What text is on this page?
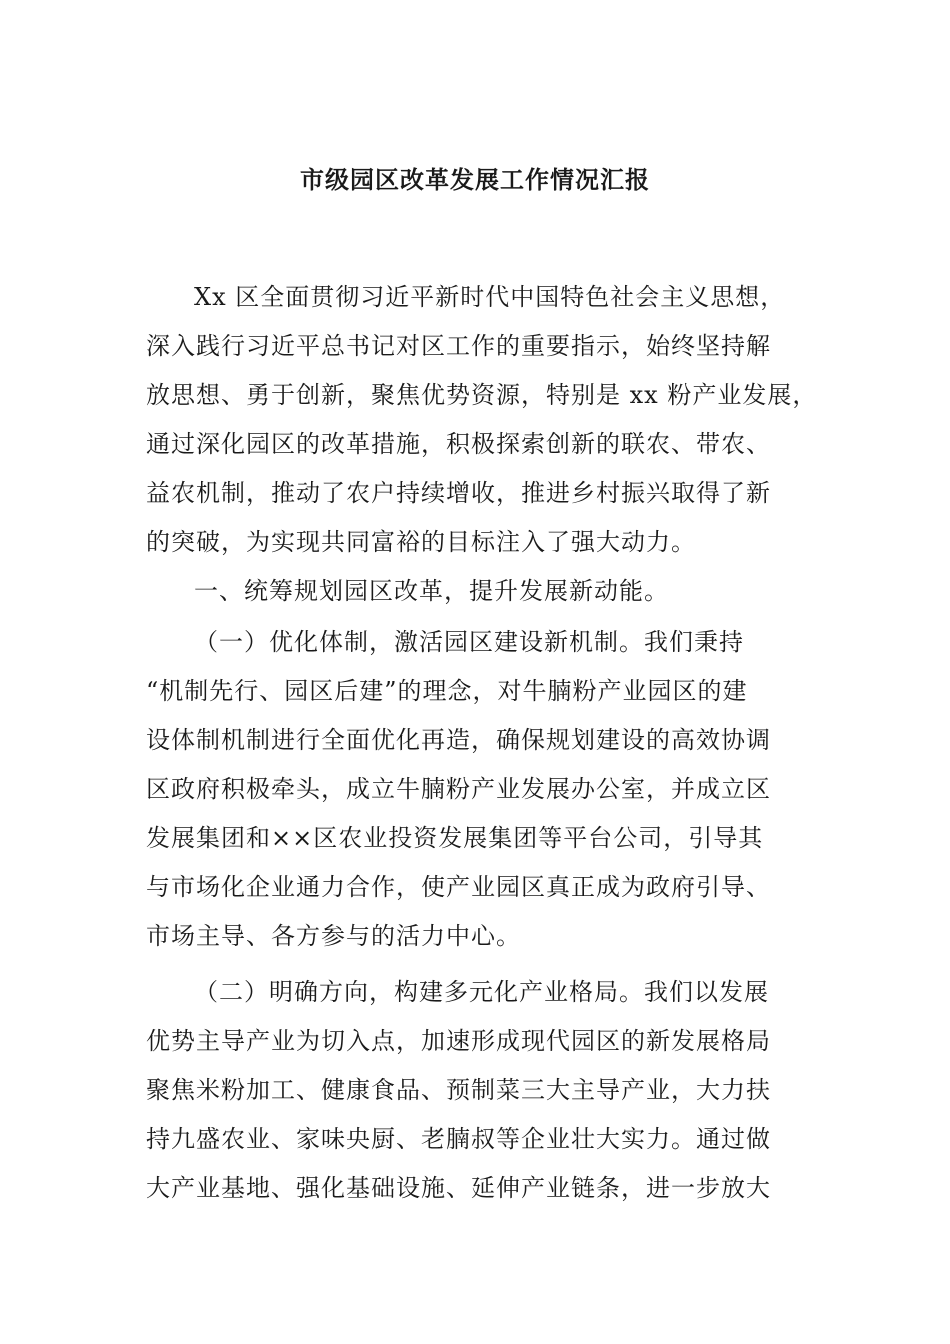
市级园区改革发展工作情况汇报
Xx 区全面贯彻习近平新时代中国特色社会主义思想，
深入践行习近平总书记对区工作的重要指示，始终坚持解
放思想、勇于创新，聚焦优势资源，特别是 xx 粉产业发展，
通过深化园区的改革措施，积极探索创新的联农、带农、
益农机制，推动了农户持续增收，推进乡村振兴取得了新
的突破，为实现共同富裕的目标注入了强大动力。
一、统筹规划园区改革，提升发展新动能。
（一）优化体制，激活园区建设新机制。我们秉持
“机制先行、园区后建”的理念，对牛腩粉产业园区的建
设体制机制进行全面优化再造，确保规划建设的高效协调
区政府积极牵头，成立牛腩粉产业发展办公室，并成立区
发展集团和××区农业投资发展集团等平台公司，引导其
与市场化企业通力合作，使产业园区真正成为政府引导、
市场主导、各方参与的活力中心。
（二）明确方向，构建多元化产业格局。我们以发展
优势主导产业为切入点，加速形成现代园区的新发展格局
聚焦米粉加工、健康食品、预制菜三大主导产业，大力扶
持九盛农业、家味央厨、老腩叔等企业壮大实力。通过做
大产业基地、强化基础设施、延伸产业链条，进一步放大
